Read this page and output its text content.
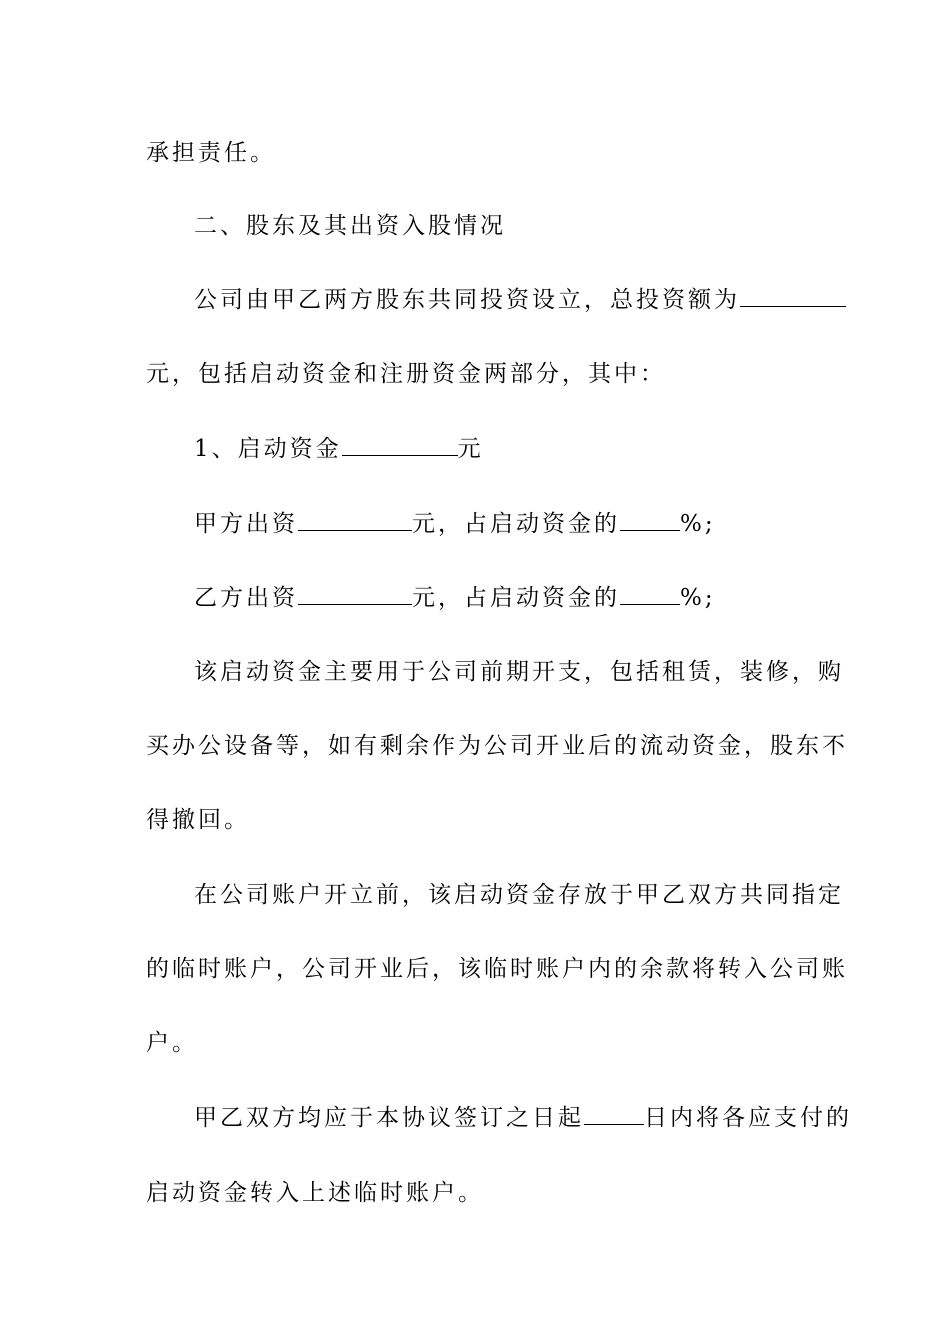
承担责任。
二、股东及其出资入股情况
公司由甲乙两方股东共同投资设立，总投资额为
元，包括启动资金和注册资金两部分，其中：
1、启动资金	元
甲方出资	元，占启动资金的	%;
乙方出资	元，占启动资金的	%;
该启动资金主要用于公司前期开支，包括租赁，装修，购
买办公设备等，如有剩余作为公司开业后的流动资金，股东不
得撤回。
在公司账户开立前，该启动资金存放于甲乙双方共同指定
的临时账户，公司开业后，该临时账户内的余款将转入公司账
户。
甲乙双方均应于本协议签订之日起	日内将各应支付的
启动资金转入上述临时账户。
